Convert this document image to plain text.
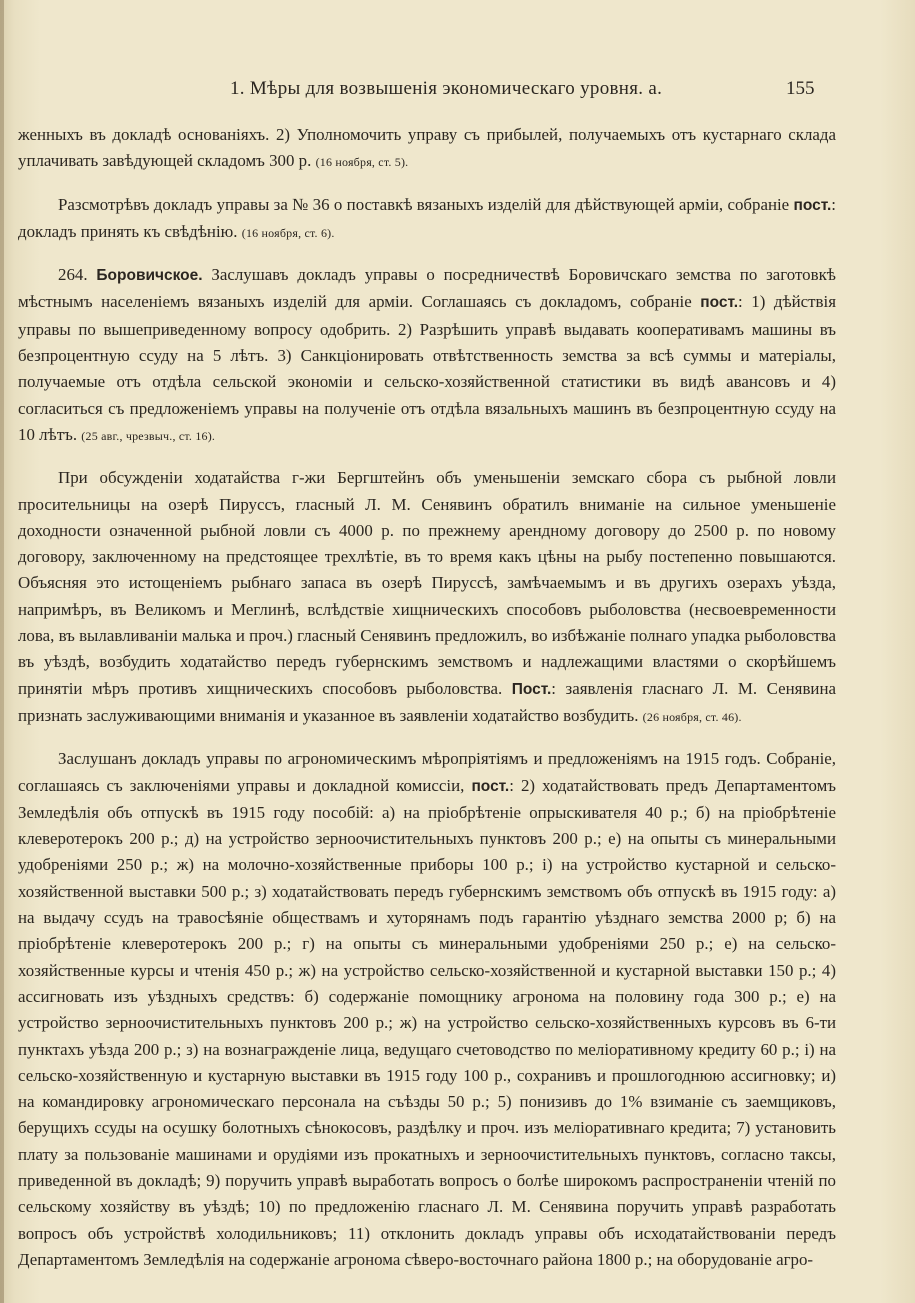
1. Мѣры для возвышенія экономическаго уровня. а.	155

женныхъ въ докладѣ основаніяхъ. 2) Уполномочить управу съ прибылей, получаемыхъ отъ кустарнаго склада уплачивать завѣдующей складомъ 300 р. (16 ноября, ст. 5).

Разсмотрѣвъ докладъ управы за № 36 о поставкѣ вязаныхъ изделій для дѣйствующей арміи, собраніе пост.: докладъ принять къ свѣдѣнію. (16 ноября, ст. 6).

264. Боровичское. Заслушавъ докладъ управы о посредничествѣ Боровичскаго земства по заготовкѣ мѣстнымъ населеніемъ вязаныхъ изделій для арміи. Соглашаясь съ докладомъ, собраніе пост.: 1) дѣйствія управы по вышеприведенному вопросу одобрить. 2) Разрѣшить управѣ выдавать кооперативамъ машины въ безпроцентную ссуду на 5 лѣтъ. 3) Санкціонировать отвѣтственность земства за всѣ суммы и матеріалы, получаемые отъ отдѣла сельской экономіи и сельско-хозяйственной статистики въ видѣ авансовъ и 4) согласиться съ предложеніемъ управы на полученіе отъ отдѣла вязальныхъ машинъ въ безпроцентную ссуду на 10 лѣтъ. (25 авг., чрезвыч., ст. 16).

При обсужденіи ходатайства г-жи Бергштейнъ объ уменьшеніи земскаго сбора съ рыбной ловли просительницы на озерѣ Пируссъ, гласный Л. М. Сенявинъ обратилъ вниманіе на сильное уменьшеніе доходности означенной рыбной ловли съ 4000 р. по прежнему арендному договору до 2500 р. по новому договору, заключенному на предстоящее трехлѣтіе, въ то время какъ цѣны на рыбу постепенно повышаются. Объясняя это истощеніемъ рыбнаго запаса въ озерѣ Пируссѣ, замѣчаемымъ и въ другихъ озерахъ уѣзда, напримѣръ, въ Великомъ и Меглинѣ, вслѣдствіе хищническихъ способовъ рыболовства (несвоевременности лова, въ вылавливаніи малька и проч.) гласный Сенявинъ предложилъ, во избѣжаніе полнаго упадка рыболовства въ уѣздѣ, возбудить ходатайство передъ губернскимъ земствомъ и надлежащими властями о скорѣйшемъ принятіи мѣръ противъ хищническихъ способовъ рыболовства. Пост.: заявленія гласнаго Л. М. Сенявина признать заслуживающими вниманія и указанное въ заявленіи ходатайство возбудить. (26 ноября, ст. 46).

Заслушанъ докладъ управы по агрономическимъ мѣропріятіямъ и предложеніямъ на 1915 годъ. Собраніе, соглашаясь съ заключеніями управы и докладной комиссіи, пост.: 2) ходатайствовать предъ Департаментомъ Земледѣлія объ отпускѣ въ 1915 году пособій: а) на пріобрѣтеніе опрыскивателя 40 р.; б) на пріобрѣтеніе клеверотерокъ 200 р.; д) на устройство зерноочистительныхъ пунктовъ 200 р.; е) на опыты съ минеральными удобреніями 250 р.; ж) на молочно-хозяйственные приборы 100 р.; і) на устройство кустарной и сельско-хозяйственной выставки 500 р.; з) ходатайствовать передъ губернскимъ земствомъ объ отпускѣ въ 1915 году: а) на выдачу ссудъ на травосѣяніе обществамъ и хуторянамъ подъ гарантію уѣзднаго земства 2000 р; б) на пріобрѣтеніе клеверотерокъ 200 р.; г) на опыты съ минеральными удобреніями 250 р.; е) на сельско-хозяйственные курсы и чтенія 450 р.; ж) на устройство сельско-хозяйственной и кустарной выставки 150 р.; 4) ассигновать изъ уѣздныхъ средствъ: б) содержаніе помощнику агронома на половину года 300 р.; е) на устройство зерноочистительныхъ пунктовъ 200 р.; ж) на устройство сельско-хозяйственныхъ курсовъ въ 6-ти пунктахъ уѣзда 200 р.; з) на вознагражденіе лица, ведущаго счетоводство по меліоративному кредиту 60 р.; і) на сельско-хозяйственную и кустарную выставки въ 1915 году 100 р., сохранивъ и прошлогоднюю ассигновку; и) на командировку агрономическаго персонала на съѣзды 50 р.; 5) понизивъ до 1% взиманіе съ заемщиковъ, берущихъ ссуды на осушку болотныхъ сѣнокосовъ, раздѣлку и проч. изъ меліоративнаго кредита; 7) установить плату за пользованіе машинами и орудіями изъ прокатныхъ и зерноочистительныхъ пунктовъ, согласно таксы, приведенной въ докладѣ; 9) поручить управѣ выработать вопросъ о болѣе широкомъ распространеніи чтеній по сельскому хозяйству въ уѣздѣ; 10) по предложенію гласнаго Л. М. Сенявина поручить управѣ разработать вопросъ объ устройствѣ холодильниковъ; 11) отклонить докладъ управы объ исходатайствованіи передъ Департаментомъ Земледѣлія на содержаніе агронома сѣверо-восточнаго района 1800 р.; на оборудованіе агро-
